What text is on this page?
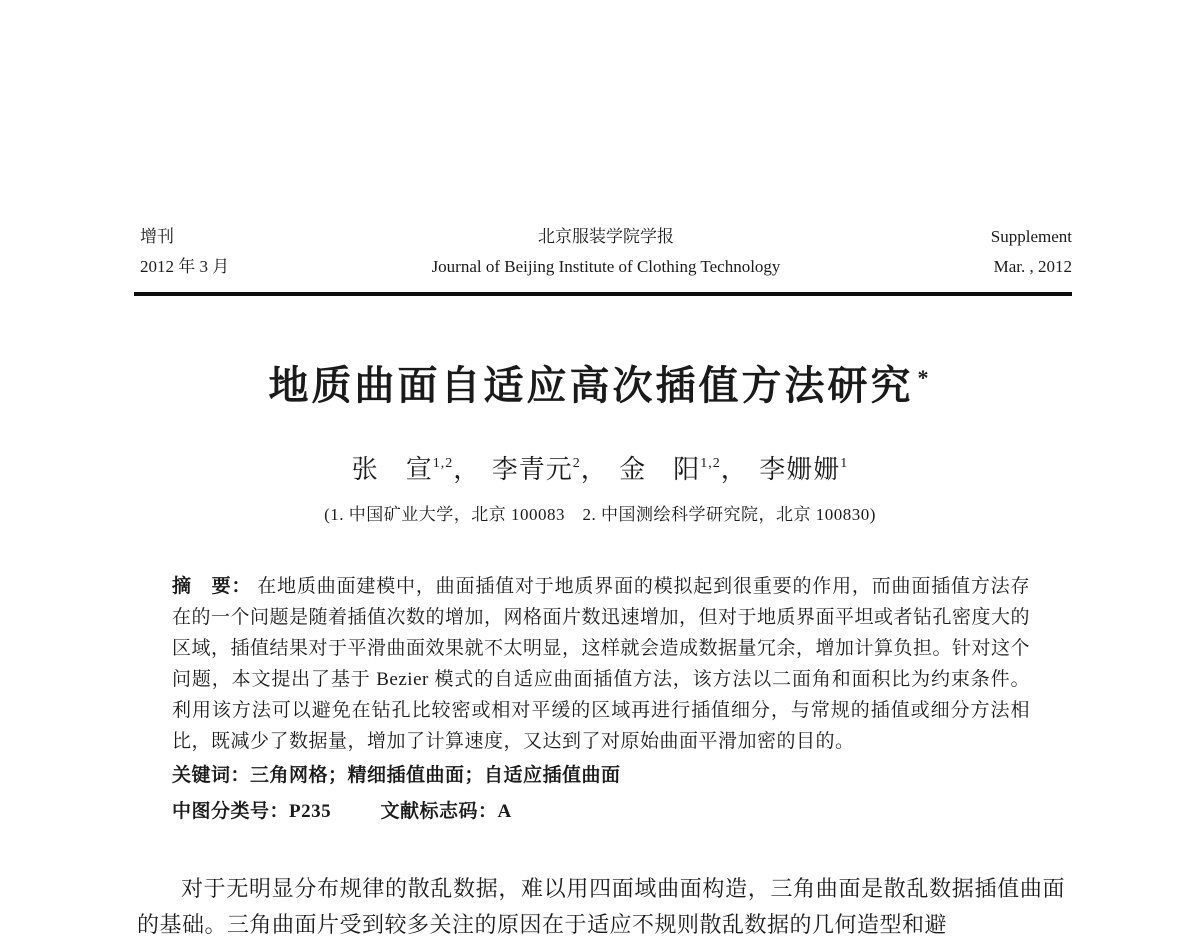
增刊
2012 年 3 月
北京服装学院学报
Journal of Beijing Institute of Clothing Technology
Supplement
Mar. , 2012
地质曲面自适应高次插值方法研究 *
张　宣$^{1,2}$， 李青元$^2$， 金　阳$^{1,2}$， 李姗姗$^1$
(1. 中国矿业大学，北京 100083　2. 中国测绘科学研究院，北京 100830)
摘　要： 在地质曲面建模中，曲面插值对于地质界面的模拟起到很重要的作用，而曲面插值方法存在的一个问题是随着插值次数的增加，网格面片数迅速增加，但对于地质界面平坦或者钻孔密度大的区域，插值结果对于平滑曲面效果就不太明显，这样就会造成数据量冗余，增加计算负担。针对这个问题，本文提出了基于 Bezier 模式的自适应曲面插值方法，该方法以二面角和面积比为约束条件。利用该方法可以避免在钻孔比较密或相对平缓的区域再进行插值细分，与常规的插值或细分方法相比，既减少了数据量，增加了计算速度，又达到了对原始曲面平滑加密的目的。
关键词：三角网格；精细插值曲面；自适应插值曲面
中图分类号：P235	文献标志码：A

对于无明显分布规律的散乱数据，难以用四面域曲面构造，三角曲面是散乱数据插值曲面的基础。三角曲面片受到较多关注的原因在于适应不规则散乱数据的几何造型和避
